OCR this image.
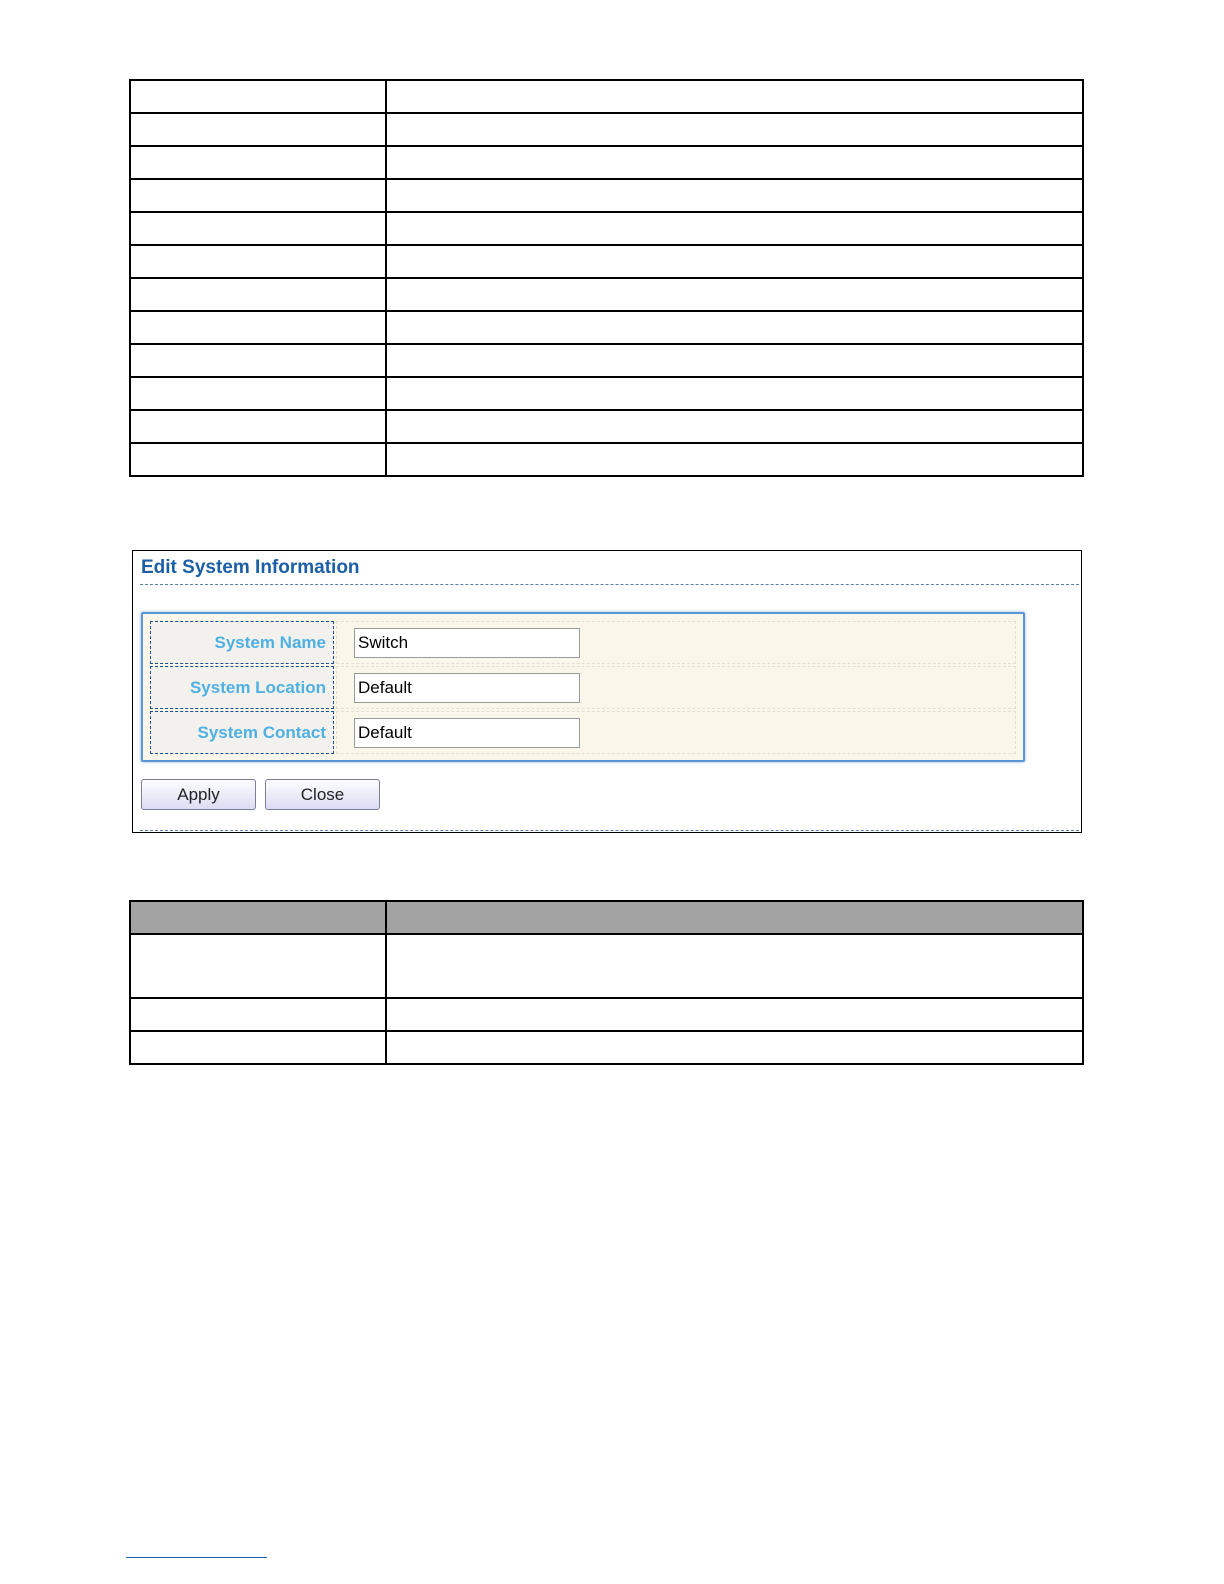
Edit System Information
System Name
Switch
System Location
Default
System Contact
Default
Apply	Close
